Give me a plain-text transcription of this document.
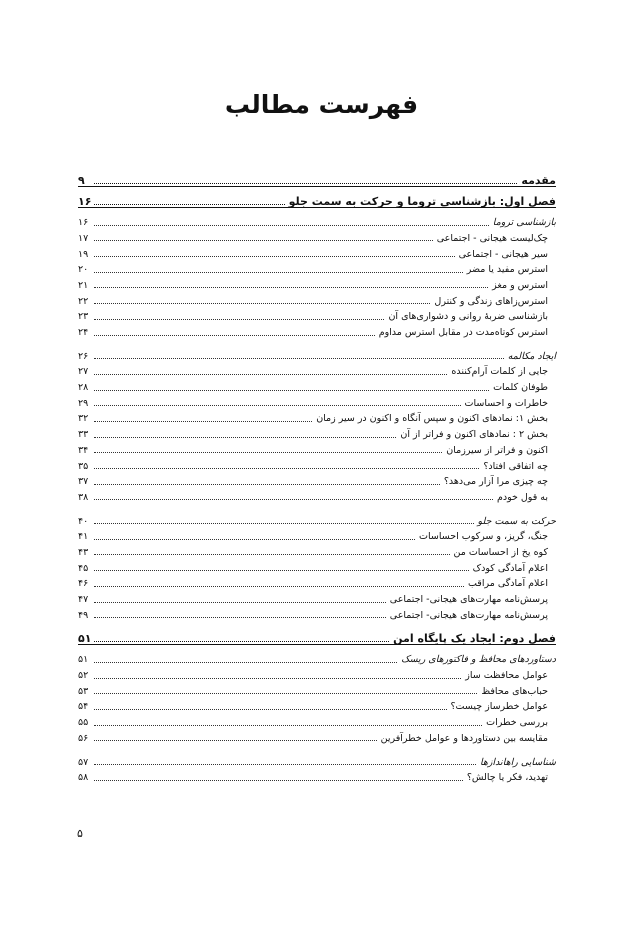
فهرست مطالب
مقدمه
۹
فصل اول: بازشناسی تروما و حرکت به سمت جلو
۱۶
بازشناسی تروما
۱۶
چک‌لیست هیجانی - اجتماعی
۱۷
سیر هیجانی - اجتماعی
۱۹
استرس مفید یا مضر
۲۰
استرس و مغز
۲۱
استرس‌زاهای زندگی و کنترل
۲۲
بازشناسی ضربهٔ روانی و دشواری‌های آن
۲۳
استرس کوتاه‌مدت در مقابل استرس مداوم
۲۴
ایجاد مکالمه
۲۶
جایی از کلمات آرام‌کننده
۲۷
طوفان کلمات
۲۸
خاطرات و احساسات
۲۹
بخش ۱: نمادهای اکنون و سپس آنگاه و اکنون در سیر زمان
۳۲
بخش ۲ : نمادهای اکنون و فراتر از آن
۳۳
اکنون و فراتر از سیرزمان
۳۴
چه اتفاقی افتاد؟
۳۵
چه چیزی مرا آزار می‌دهد؟
۳۷
به قول خودم
۳۸
حرکت به سمت جلو
۴۰
جنگ، گریز، و سرکوب احساسات
۴۱
کوه یخ از احساسات من
۴۳
اعلام آمادگی کودک
۴۵
اعلام آمادگی مراقب
۴۶
پرسش‌نامه مهارت‌های هیجانی- اجتماعی
۴۷
پرسش‌نامه مهارت‌های هیجانی- اجتماعی
۴۹
فصل دوم: ایجاد یک پایگاه امن
۵۱
دستاوردهای محافظ و فاکتورهای ریسک
۵۱
عوامل محافظت ساز
۵۲
حباب‌های محافظ
۵۳
عوامل خطرساز چیست؟
۵۴
بررسی خطرات
۵۵
مقایسه بین دستاوردها و عوامل خطرآفرین
۵۶
شناسایی راهاندازها
۵۷
تهدید، فکر یا چالش؟
۵۸
۵
